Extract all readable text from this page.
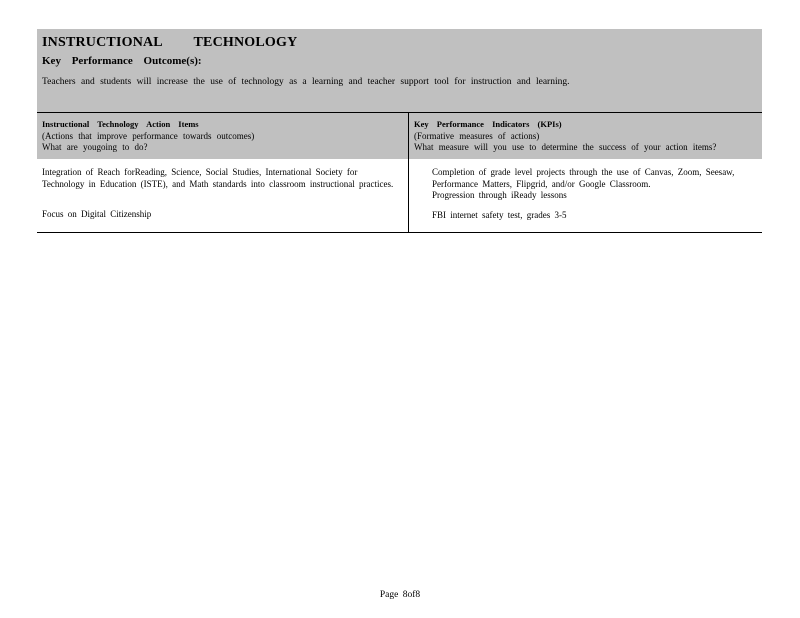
INSTRUCTIONAL TECHNOLOGY
Key Performance Outcome(s):
Teachers and students will increase the use of technology as a learning and teacher support tool for instruction and learning.
Instructional Technology Action Items
(Actions that improve performance towards outcomes)
What are yougoing to do?
Key Performance Indicators (KPIs)
(Formative measures of actions)
What measure will you use to determine the success of your action items?
Integration of Reach forReading, Science, Social Studies, International Society for Technology in Education (ISTE), and Math standards into classroom instructional practices.
Focus on Digital Citizenship
Completion of grade level projects through the use of Canvas, Zoom, Seesaw, Performance Matters, Flipgrid, and/or Google Classroom.
Progression through iReady lessons
FBI internet safety test, grades 3-5
Page 8of8
